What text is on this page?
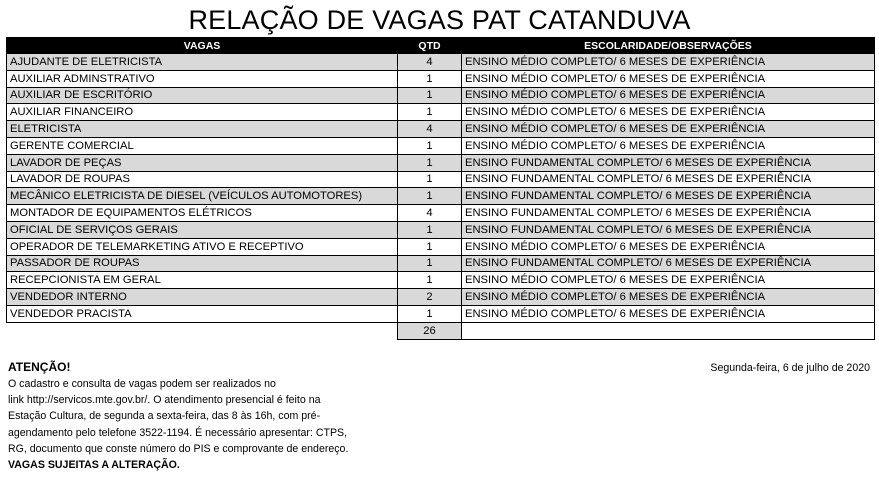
RELAÇÃO DE VAGAS PAT CATANDUVA
VAGAS	QTD	ESCOLARIDADE/OBSERVAÇÕES
AJUDANTE DE ELETRICISTA	4	ENSINO MÉDIO COMPLETO/ 6 MESES DE EXPERIÊNCIA
AUXILIAR ADMINSTRATIVO	1	ENSINO MÉDIO COMPLETO/ 6 MESES DE EXPERIÊNCIA
AUXILIAR DE ESCRITÓRIO	1	ENSINO MÉDIO COMPLETO/ 6 MESES DE EXPERIÊNCIA
AUXILIAR FINANCEIRO	1	ENSINO MÉDIO COMPLETO/ 6 MESES DE EXPERIÊNCIA
ELETRICISTA	4	ENSINO MÉDIO COMPLETO/ 6 MESES DE EXPERIÊNCIA
GERENTE COMERCIAL	1	ENSINO MÉDIO COMPLETO/ 6 MESES DE EXPERIÊNCIA
LAVADOR DE PEÇAS	1	ENSINO FUNDAMENTAL COMPLETO/ 6 MESES DE EXPERIÊNCIA
LAVADOR DE ROUPAS	1	ENSINO FUNDAMENTAL COMPLETO/ 6 MESES DE EXPERIÊNCIA
MECÂNICO ELETRICISTA DE DIESEL (VEÍCULOS AUTOMOTORES)	1	ENSINO FUNDAMENTAL COMPLETO/ 6 MESES DE EXPERIÊNCIA
MONTADOR DE EQUIPAMENTOS ELÉTRICOS	4	ENSINO FUNDAMENTAL COMPLETO/ 6 MESES DE EXPERIÊNCIA
OFICIAL DE SERVIÇOS GERAIS	1	ENSINO FUNDAMENTAL COMPLETO/ 6 MESES DE EXPERIÊNCIA
OPERADOR DE TELEMARKETING ATIVO E RECEPTIVO	1	ENSINO MÉDIO COMPLETO/ 6 MESES DE EXPERIÊNCIA
PASSADOR DE ROUPAS	1	ENSINO FUNDAMENTAL COMPLETO/ 6 MESES DE EXPERIÊNCIA
RECEPCIONISTA EM GERAL	1	ENSINO MÉDIO COMPLETO/ 6 MESES DE EXPERIÊNCIA
VENDEDOR INTERNO	2	ENSINO MÉDIO COMPLETO/ 6 MESES DE EXPERIÊNCIA
VENDEDOR PRACISTA	1	ENSINO MÉDIO COMPLETO/ 6 MESES DE EXPERIÊNCIA
	26	
ATENÇÃO!
O cadastro e consulta de vagas podem ser realizados no
link http://servicos.mte.gov.br/. O atendimento presencial é feito na
Estação Cultura, de segunda a sexta-feira, das 8 às 16h, com pré-
agendamento pelo telefone 3522-1194. É necessário apresentar: CTPS,
RG, documento que conste número do PIS e comprovante de endereço.
VAGAS SUJEITAS A ALTERAÇÃO.
Segunda-feira, 6 de julho de 2020
